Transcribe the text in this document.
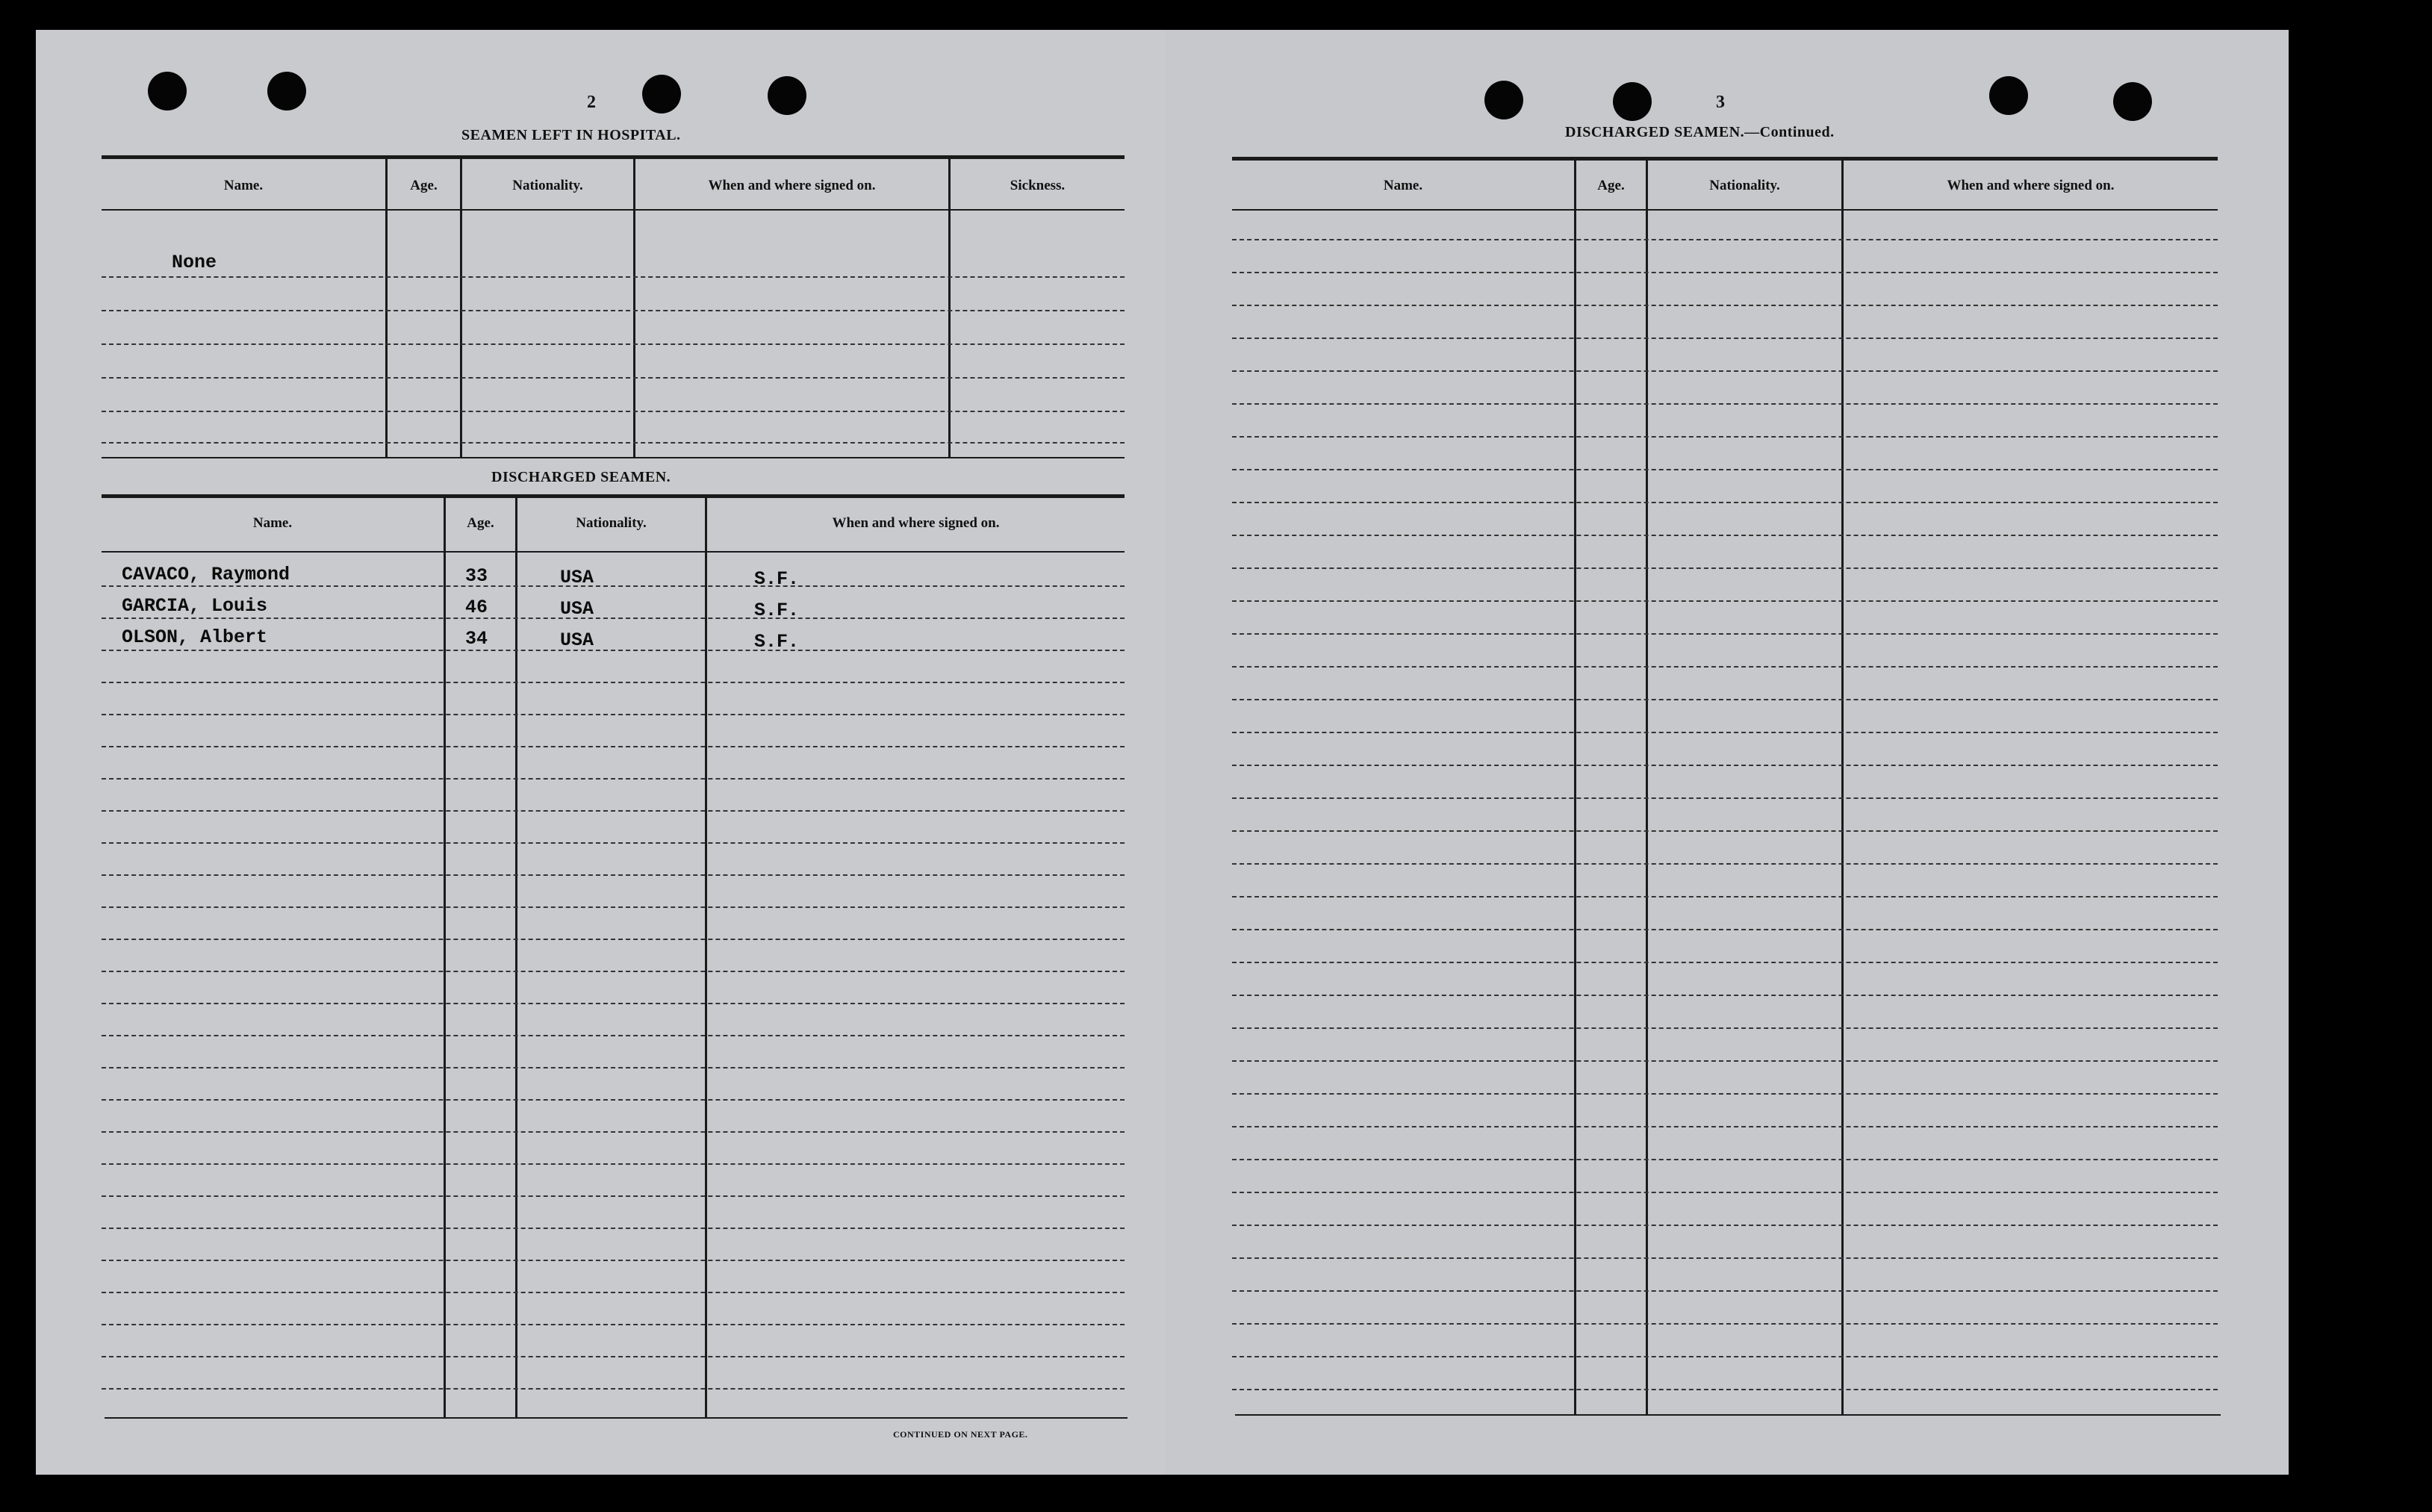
2
SEAMEN LEFT IN HOSPITAL.
Name.	Age.	Nationality.	When and where signed on.	Sickness.
None
DISCHARGED SEAMEN.
Name.	Age.	Nationality.	When and where signed on.
CAVACO, Raymond	33	USA	S.F.
GARCIA, Louis	46	USA	S.F.
OLSON, Albert	34	USA	S.F.
CONTINUED ON NEXT PAGE.
3
DISCHARGED SEAMEN.—Continued.
Name.	Age.	Nationality.	When and where signed on.
